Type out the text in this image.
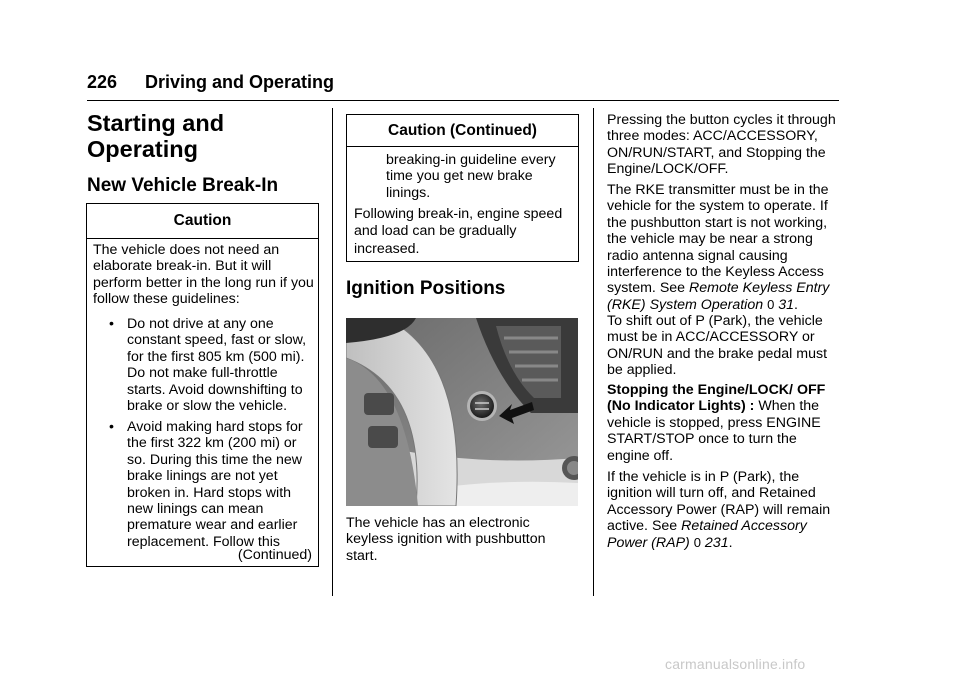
226 Driving and Operating
Starting and Operating
New Vehicle Break-In
Caution

The vehicle does not need an elaborate break-in. But it will perform better in the long run if you follow these guidelines:

• Do not drive at any one constant speed, fast or slow, for the first 805 km (500 mi). Do not make full-throttle starts. Avoid downshifting to brake or slow the vehicle.
• Avoid making hard stops for the first 322 km (200 mi) or so. During this time the new brake linings are not yet broken in. Hard stops with new linings can mean premature wear and earlier replacement. Follow this
(Continued)
Caution (Continued)

breaking-in guideline every time you get new brake linings.

Following break-in, engine speed and load can be gradually increased.

Ignition Positions

The vehicle has an electronic keyless ignition with pushbutton start.

Pressing the button cycles it through three modes: ACC/ACCESSORY, ON/RUN/START, and Stopping the Engine/LOCK/OFF.

The RKE transmitter must be in the vehicle for the system to operate. If the pushbutton start is not working, the vehicle may be near a strong radio antenna signal causing interference to the Keyless Access system. See Remote Keyless Entry (RKE) System Operation 0 31.

To shift out of P (Park), the vehicle must be in ACC/ACCESSORY or ON/RUN and the brake pedal must be applied.

Stopping the Engine/LOCK/ OFF (No Indicator Lights) : When the vehicle is stopped, press ENGINE START/STOP once to turn the engine off.

If the vehicle is in P (Park), the ignition will turn off, and Retained Accessory Power (RAP) will remain active. See Retained Accessory Power (RAP) 0 231.

carmanualsonline.info
